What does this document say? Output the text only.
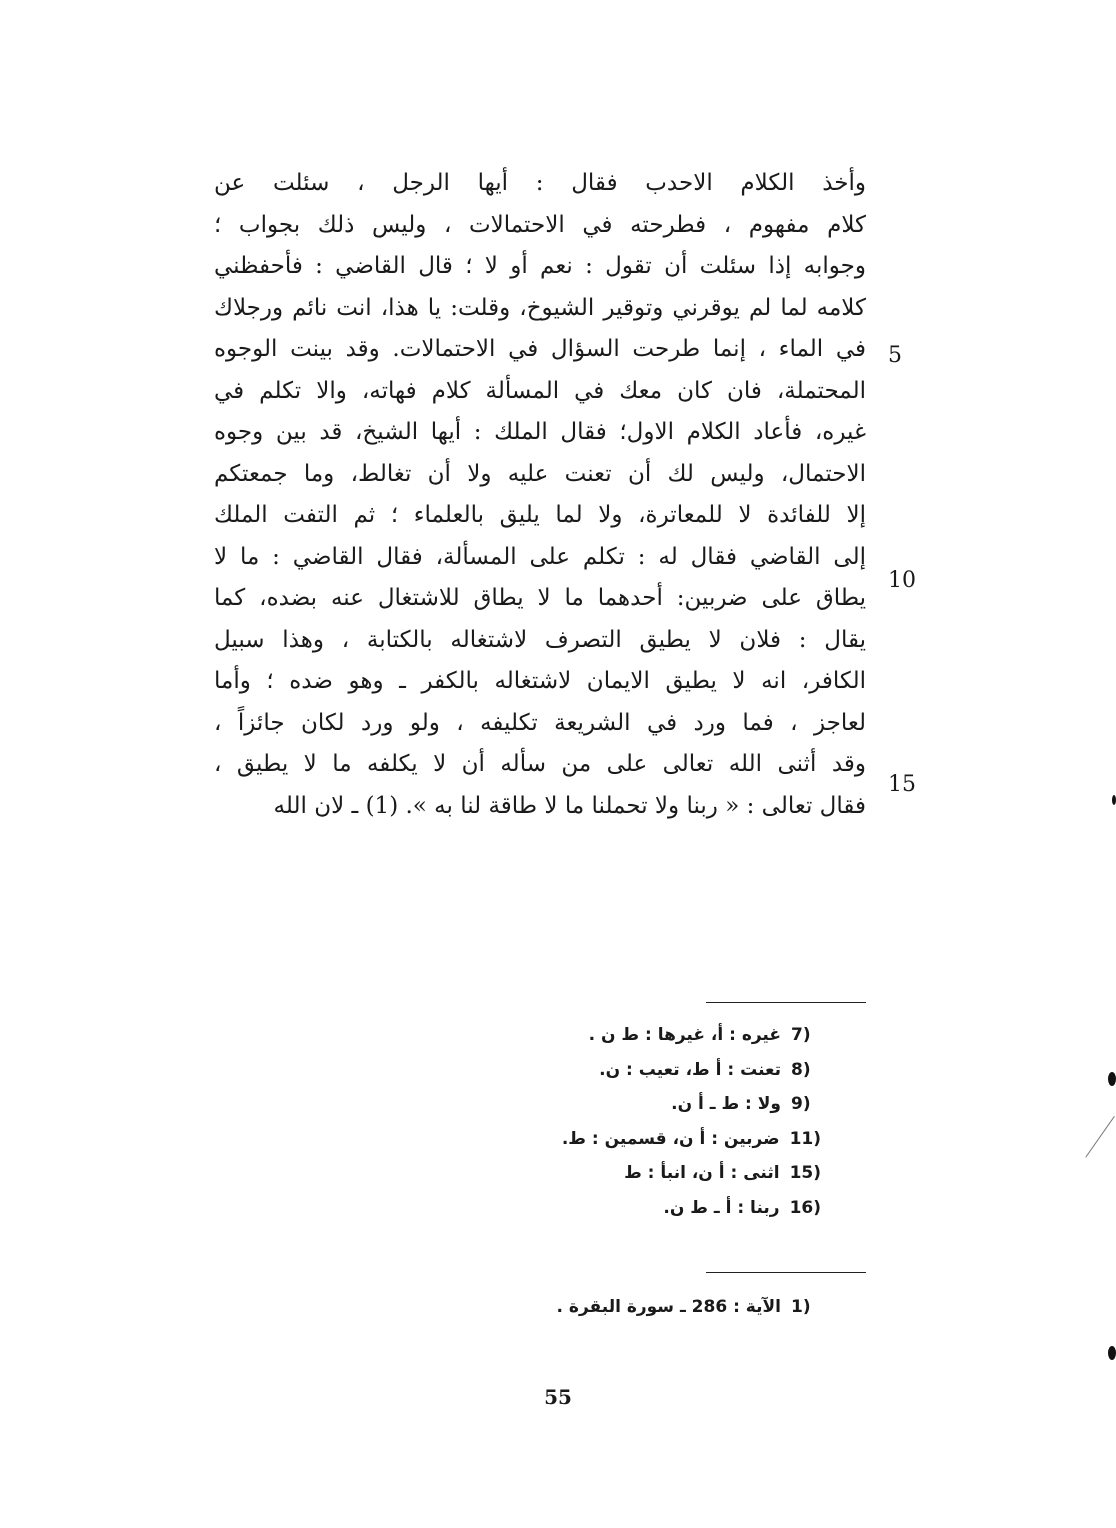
وأخذ الكلام الاحدب فقال : أيها الرجل ، سئلت عن
كلام مفهوم ، فطرحته في الاحتمالات ، وليس ذلك بجواب ؛
وجوابه إذا سئلت أن تقول : نعم أو لا ؛ قال القاضي : فأحفظني
كلامه لما لم يوقرني وتوقير الشيوخ، وقلت: يا هذا، انت نائم ورجلاك
في الماء ، إنما طرحت السؤال في الاحتمالات. وقد بينت الوجوه
المحتملة، فان كان معك في المسألة كلام فهاته، والا تكلم في
غيره، فأعاد الكلام الاول؛ فقال الملك : أيها الشيخ، قد بين وجوه
الاحتمال، وليس لك أن تعنت عليه ولا أن تغالط، وما جمعتكم
إلا للفائدة لا للمعاترة، ولا لما يليق بالعلماء ؛ ثم التفت الملك
إلى القاضي فقال له : تكلم على المسألة، فقال القاضي : ما لا
يطاق على ضربين: أحدهما ما لا يطاق للاشتغال عنه بضده، كما
يقال : فلان لا يطيق التصرف لاشتغاله بالكتابة ، وهذا سبيل
الكافر، انه لا يطيق الايمان لاشتغاله بالكفر ـ وهو ضده ؛ وأما
لعاجز ، فما ورد في الشريعة تكليفه ، ولو ورد لكان جائزاً ،
وقد أثنى الله تعالى على من سأله أن لا يكلفه ما لا يطيق ،
فقال تعالى : « ربنا ولا تحملنا ما لا طاقة لنا به ». (1) ـ لان الله
5
10
15
7)غيره : أ، غيرها : ط ن .
8)تعنت : أ ط، تعيب : ن.
9)ولا : ط ـ أ ن.
11)ضربين : أ ن، قسمين : ط.
15)اثنى : أ ن، انبأ : ط
16)ربنا : أ ـ ط ن.
1)الآية : 286 ـ سورة البقرة .
55
